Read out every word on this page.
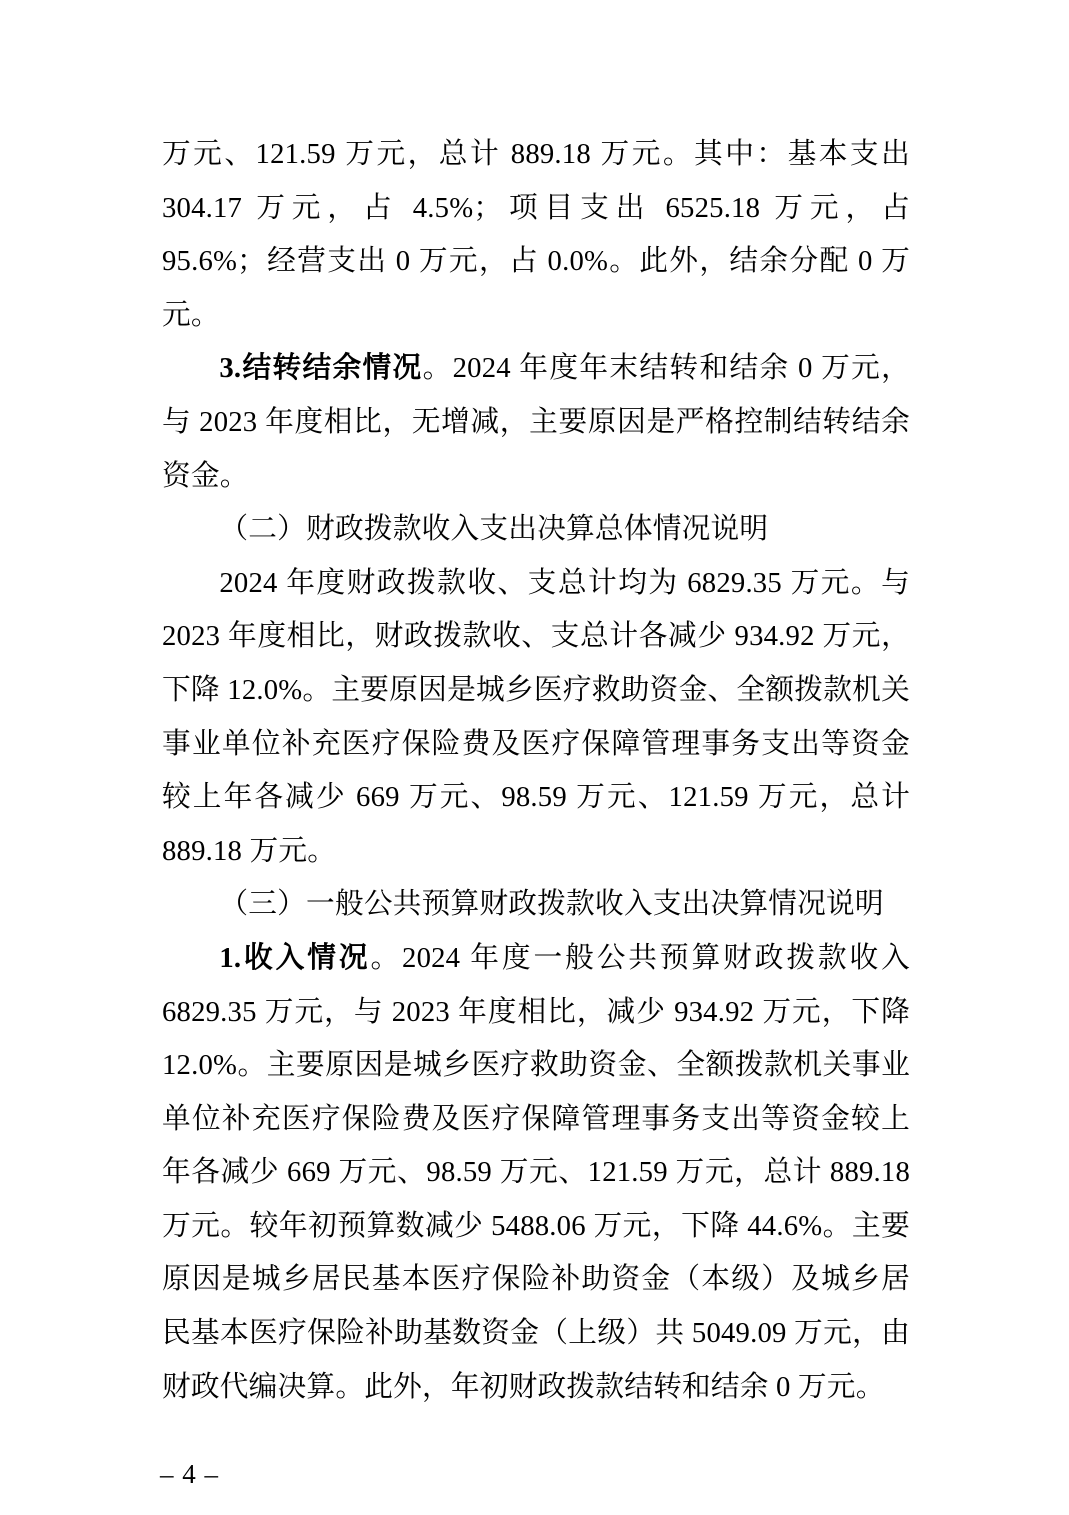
万元、121.59 万元，总计 889.18 万元。其中：基本支出 304.17 万元，占 4.5%；项目支出 6525.18 万元，占 95.6%；经营支出 0 万元，占 0.0%。此外，结余分配 0 万元。

3.结转结余情况。2024 年度年末结转和结余 0 万元，与 2023 年度相比，无增减，主要原因是严格控制结转结余资金。

（二）财政拨款收入支出决算总体情况说明

2024 年度财政拨款收、支总计均为 6829.35 万元。与 2023 年度相比，财政拨款收、支总计各减少 934.92 万元，下降 12.0%。主要原因是城乡医疗救助资金、全额拨款机关事业单位补充医疗保险费及医疗保障管理事务支出等资金较上年各减少 669 万元、98.59 万元、121.59 万元，总计 889.18 万元。

（三）一般公共预算财政拨款收入支出决算情况说明

1.收入情况。2024 年度一般公共预算财政拨款收入 6829.35 万元，与 2023 年度相比，减少 934.92 万元，下降 12.0%。主要原因是城乡医疗救助资金、全额拨款机关事业单位补充医疗保险费及医疗保障管理事务支出等资金较上年各减少 669 万元、98.59 万元、121.59 万元，总计 889.18 万元。较年初预算数减少 5488.06 万元，下降 44.6%。主要原因是城乡居民基本医疗保险补助资金（本级）及城乡居民基本医疗保险补助基数资金（上级）共 5049.09 万元，由财政代编决算。此外，年初财政拨款结转和结余 0 万元。

– 4 –
